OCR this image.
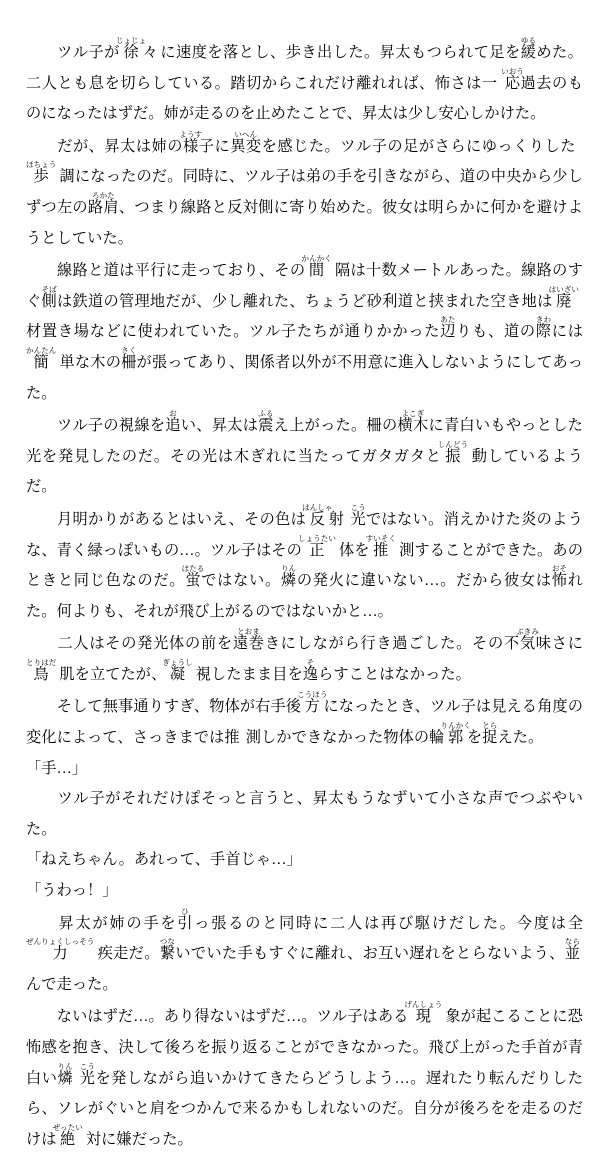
　ツル子が徐じょじょ々に速度を落とし、歩き出した。昇太もつられて足を緩ゆるめた。二人とも息を切らしている。踏切からこれだけ離れれば、怖さは一 応いおう過去のものになったはずだ。姉が走るのを止めたことで、昇太は少し安心しかけた。

　だが、昇太は姉の様ようす子に異変いへんを感じた。ツル子の足がさらにゆっくりした歩ほちょう 調になったのだ。同時に、ツル子は弟の手を引きながら、道の中央から少しずつ左の路肩ろかた、つまり線路と反対側に寄り始めた。彼女は明らかに何かを避けようとしていた。

　線路と道は平行に走っており、その間かんかく 隔は十数メートルあった。線路のすぐ側そばは鉄道の管理地だが、少し離れた、ちょうど砂利道と挟まれた空き地は廃はいざい 材置き場などに使われていた。ツル子たちが通りかかった辺あたりも、道の際きわには簡かんたん 単な木の柵さくが張ってあり、関係者以外が不用意に進入しないようにしてあった。

　ツル子の視線を追おい、昇太は震ふるえ上がった。柵の横木よこぎに青白いもやっとした光を発見したのだ。その光は木ぎれに当たってガタガタと振しんどう 動しているようだ。

　月明かりがあるとはいえ、その色は反はんしゃ射 光こうではない。消えかけた炎のような、青く緑っぽいもの…。ツル子はその正しょうたい 体を推すいそく 測することができた。あのときと同じ色なのだ。蛍ほたるではない。燐りんの発火に違いない…。だから彼女は怖おそれた。何よりも、それが飛び上がるのではないかと…。

　二人はその発光体の前を遠巻とおまきにしながら行き過ごした。その不気味ぶきみさに鳥とりはだ 肌を立てたが、凝ぎょうし 視したまま目を逸そらすことはなかった。

　そして無事通りすぎ、物体が右手後方こうほうになったとき、ツル子は見える角度の変化によって、さっきまでは推 測しかできなかった物体の輪郭りんかくを捉とらえた。

「手…」

　ツル子がそれだけぽそっと言うと、昇太もうなずいて小さな声でつぶやいた。

「ねえちゃん。あれって、手首じゃ…」

「うわっ！」

　昇太が姉の手を引ひっ張るのと同時に二人は再び駆けだした。今度は全 力ぜんりょくしっそう 疾走だ。繋つないでいた手もすぐに離れ、お互い遅れをとらないよう、並ならんで走った。

　ないはずだ…。あり得ないはずだ…。ツル子はある現げんしょう 象が起こることに恐怖感を抱き、決して後ろを振り返ることができなかった。飛び上がった手首が青白い燐りん 光こうを発しながら追いかけてきたらどうしよう…。遅れたり転んだりしたら、ソレがぐいと肩をつかんで来るかもしれないのだ。自分が後ろをを走るのだけは絶ぜったい 対に嫌だった。
